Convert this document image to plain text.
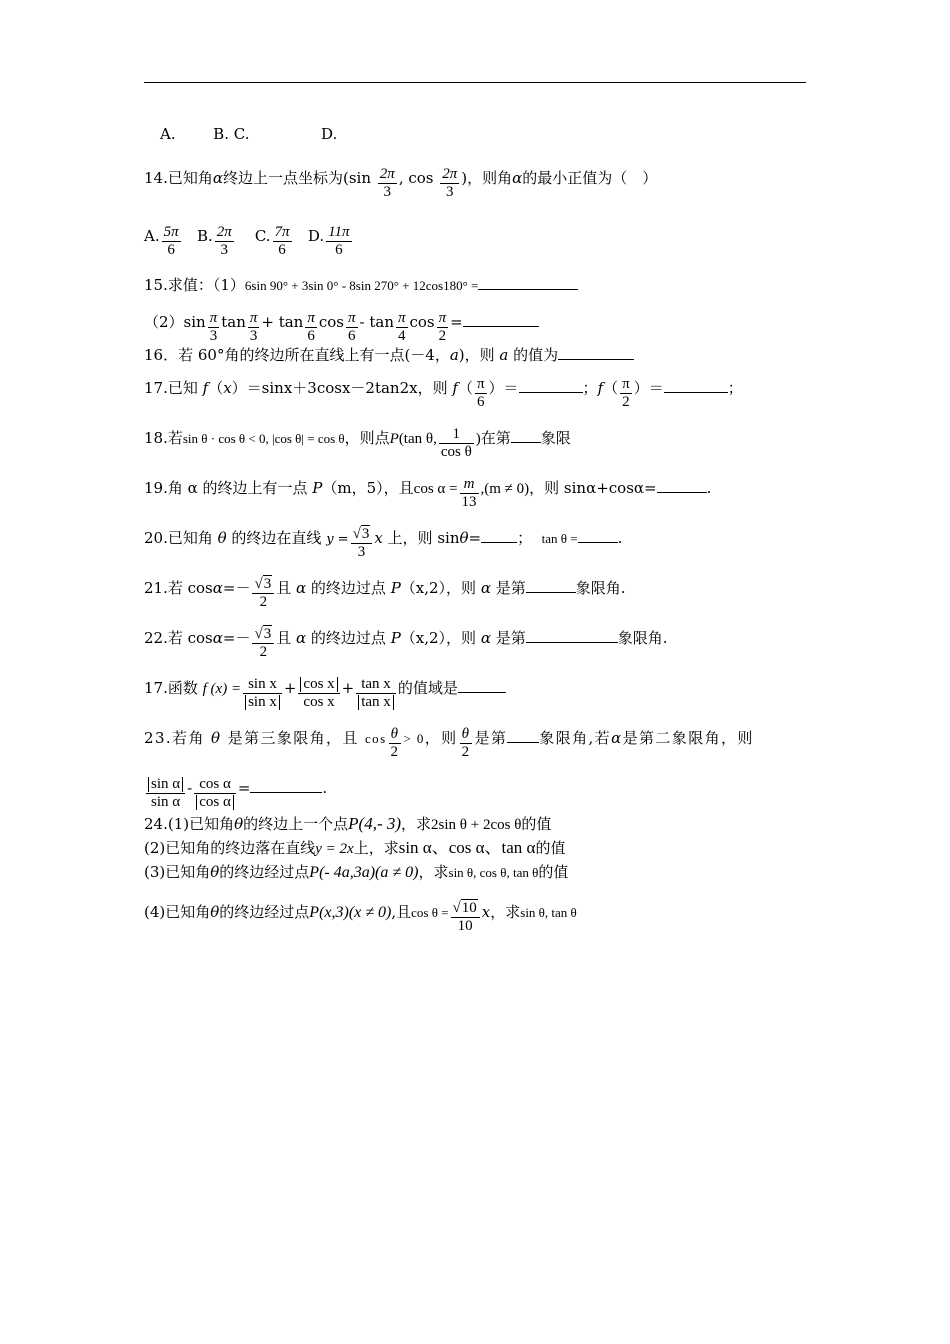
A.	B. C.	D.
14.已知角α终边上一点坐标为($\sin \frac{2\pi}{3}$ , $\cos \frac{2\pi}{3}$ )，则角α的最小正值为（　）
A. $\frac{5\pi}{6} B$. $\frac{2\pi}{3} C$. $\frac{7\pi}{6} D$. $\frac{11\pi}{6}$
15.求值：（1）6sin 90° + 3sin 0° - 8sin 270° + 12cos180° =
$(2)\sin \frac{\pi}{3}$ $\tan \frac{\pi}{3} + \tan \frac{\pi}{6}$ $\cos \frac{\pi}{6}$ - $\tan \frac{\pi}{4}$ $\cos \frac{\pi}{2}$ =
16．若 60°角的终边所在直线上有一点(－4，a)，则 a 的值为
17.已知 f（x）＝sinx＋3cosx－2tan2x，则 $f( \frac{\pi}{6}$ ）＝	；$f( \frac{\pi}{2}$ ）＝	；
18.若sin θ · cos θ < 0, |cos θ| = cos θ，则点P(tan θ, $\frac{1}{\text{cos θ}}$ )在第 象限
19.角 α 的终边上有一点 P（m，5），且$\cos \alpha = \frac{m}{13} ,(m \ne 0)$，则 sinα+cosα=	.
20.已知角 θ 的终边在直线 $y = \frac{√3}{3}$ x 上，则 sinθ= ； tan θ =	.
21.若 $\cos\alpha=- \frac{√3}{2}$ 且 α 的终边过点 P（x,2），则 α 是第	象限角.
22.若 $\cos\alpha=- \frac{√3}{2}$ 且 α 的终边过点 P（x,2），则 α 是第	象限角.
17.函数 f $(x) = \frac{\text{sin x}}{\text{sin x}} + \frac{\text{cos x}}{\text{cos x}} + \frac{\text{tan x}}{\text{tan x}}$ 的值域是
23.若角 θ 是第三象限角，且 $\cos \frac{\theta}{2} > 0$，则 $\frac{\theta}{2}$ 是第 象限角,若α是第二象限角，则
$\frac{\text{sin α}}{\text{sin α}} - \frac{\text{cos α}}{\text{cos α}}$ =	.
24.(1)已知角θ的终边上一个点P(4,- 3)，求2sin θ + 2cos θ的值
(2)已知角的终边落在直线y = 2x上，求sin α、cos α、tan α的值
(3)已知角θ的终边经过点P(- 4a,3a)(a ≠ 0)，求sin θ, cos θ, tan θ的值
(4)已知角θ的终边经过点P(x,3)(x ≠ 0),且$\cos \theta = \frac{√10}{10}$ x，求sin θ, tan θ
